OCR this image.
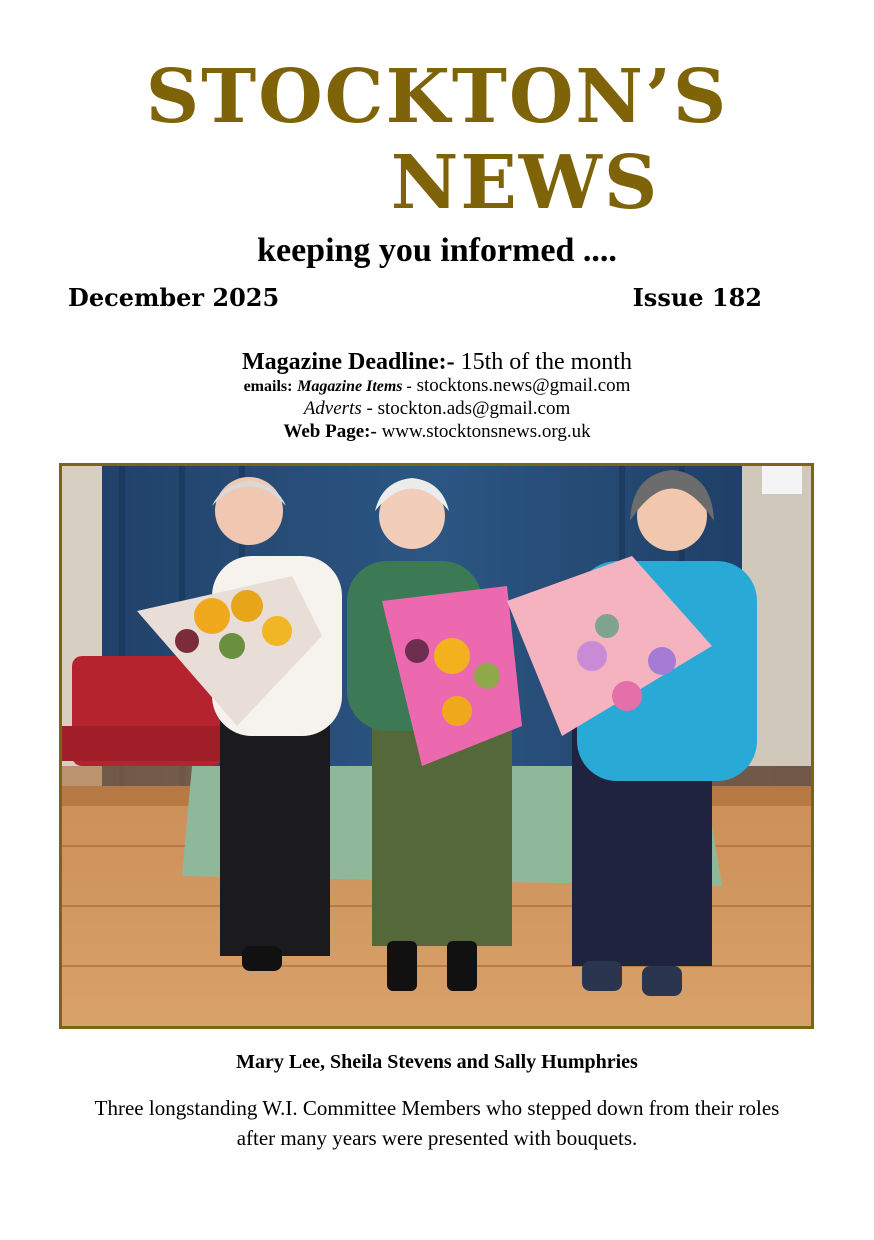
STOCKTON’S
NEWS
keeping you informed ....
December 2025	Issue 182
Magazine Deadline:- 15th of the month
emails: Magazine Items - stocktons.news@gmail.com
Adverts - stockton.ads@gmail.com
Web Page:- www.stocktonsnews.org.uk
Mary Lee, Sheila Stevens and Sally Humphries
Three longstanding W.I. Committee Members who stepped down from their roles after many years were presented with bouquets.
